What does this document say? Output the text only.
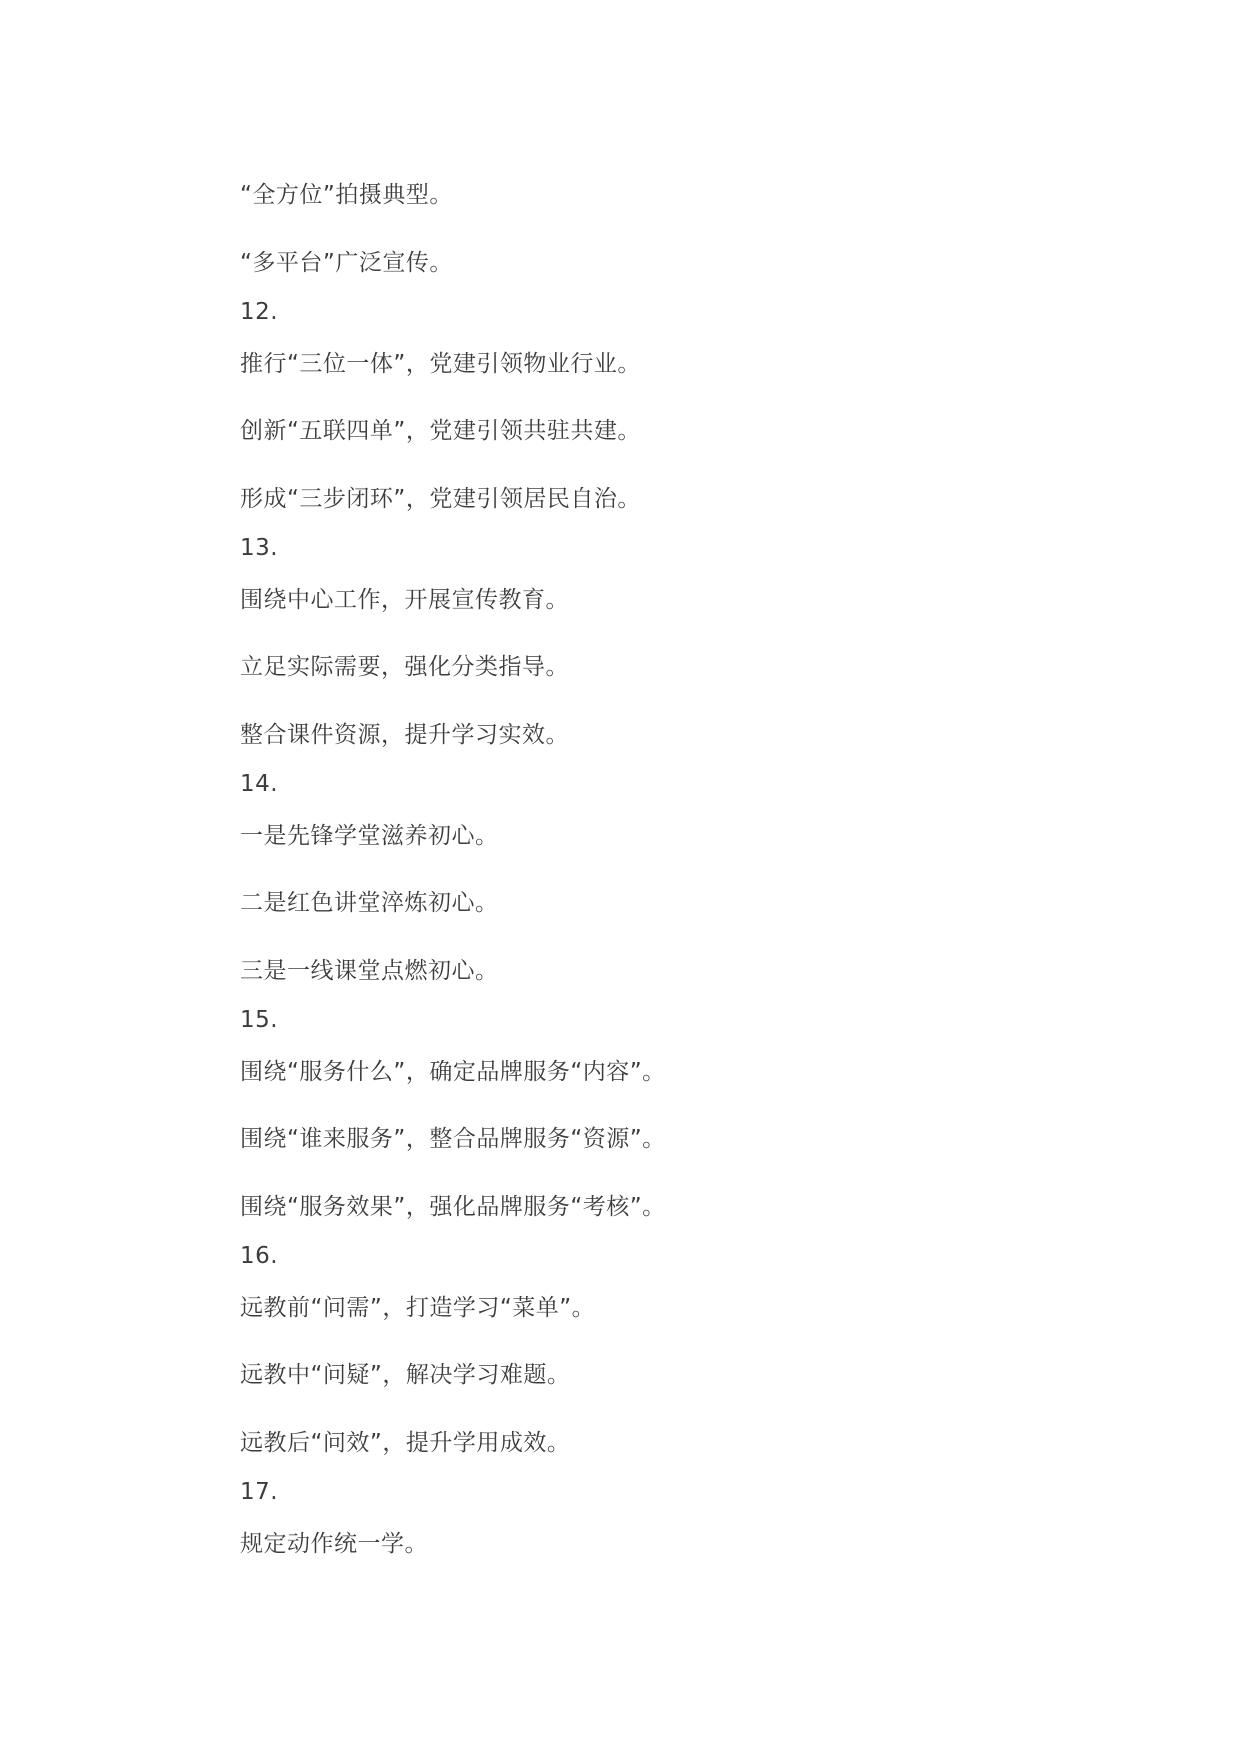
“全方位”拍摄典型。
“多平台”广泛宣传。
12.
推行“三位一体”，党建引领物业行业。
创新“五联四单”，党建引领共驻共建。
形成“三步闭环”，党建引领居民自治。
13.
围绕中心工作，开展宣传教育。
立足实际需要，强化分类指导。
整合课件资源，提升学习实效。
14.
一是先锋学堂滋养初心。
二是红色讲堂淬炼初心。
三是一线课堂点燃初心。
15.
围绕“服务什么”，确定品牌服务“内容”。
围绕“谁来服务”，整合品牌服务“资源”。
围绕“服务效果”，强化品牌服务“考核”。
16.
远教前“问需”，打造学习“菜单”。
远教中“问疑”，解决学习难题。
远教后“问效”，提升学用成效。
17.
规定动作统一学。
